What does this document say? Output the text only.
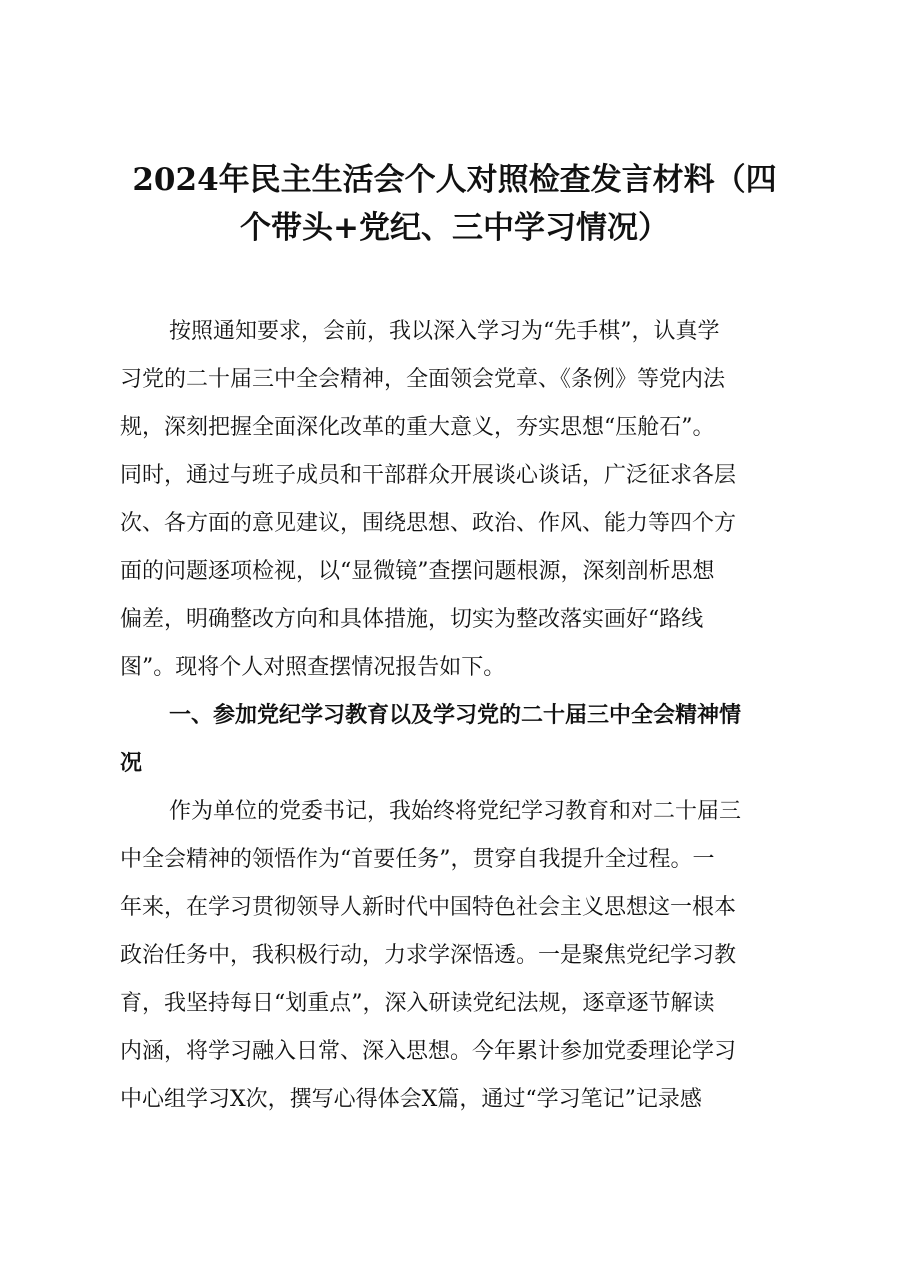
2024年民主生活会个人对照检查发言材料（四
个带头+党纪、三中学习情况）
按照通知要求，会前，我以深入学习为“先手棋”，认真学
习党的二十届三中全会精神，全面领会党章、《条例》等党内法
规，深刻把握全面深化改革的重大意义，夯实思想“压舱石”。
同时，通过与班子成员和干部群众开展谈心谈话，广泛征求各层
次、各方面的意见建议，围绕思想、政治、作风、能力等四个方
面的问题逐项检视，以“显微镜”查摆问题根源，深刻剖析思想
偏差，明确整改方向和具体措施，切实为整改落实画好“路线
图”。现将个人对照查摆情况报告如下。
一、参加党纪学习教育以及学习党的二十届三中全会精神情
况
作为单位的党委书记，我始终将党纪学习教育和对二十届三
中全会精神的领悟作为“首要任务”，贯穿自我提升全过程。一
年来，在学习贯彻领导人新时代中国特色社会主义思想这一根本
政治任务中，我积极行动，力求学深悟透。一是聚焦党纪学习教
育，我坚持每日“划重点”，深入研读党纪法规，逐章逐节解读
内涵，将学习融入日常、深入思想。今年累计参加党委理论学习
中心组学习X次，撰写心得体会X篇，通过“学习笔记”记录感
